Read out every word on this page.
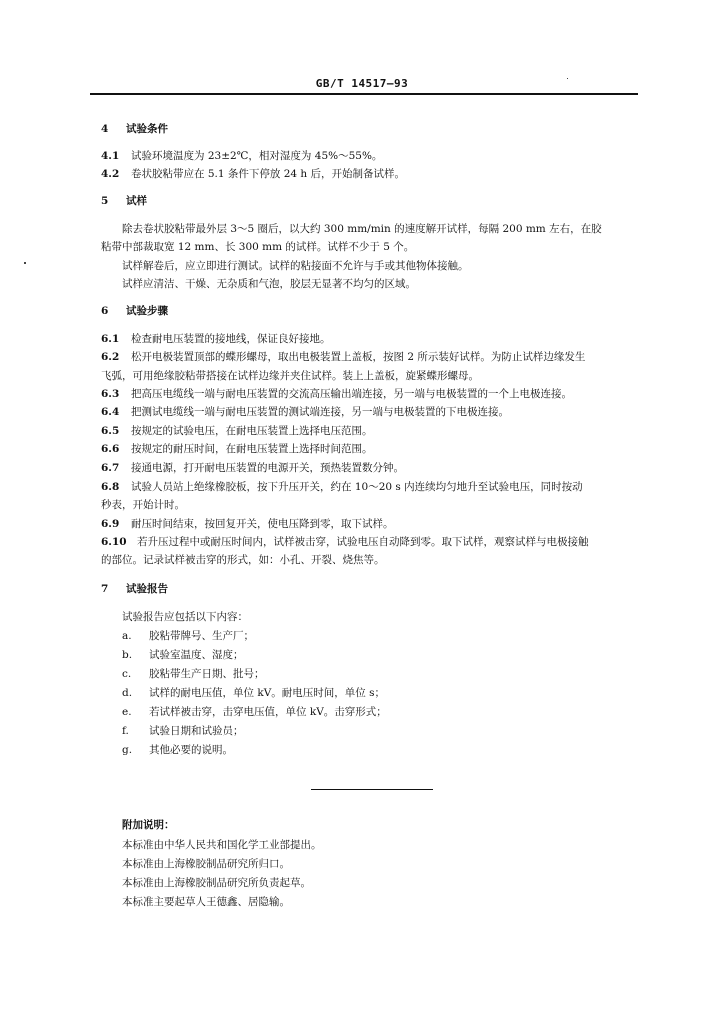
GB/T 14517—93
4 试验条件
4.1 试验环境温度为 23±2℃，相对湿度为 45%～55%。
4.2 卷状胶粘带应在 5.1 条件下停放 24 h 后，开始制备试样。
5 试样
除去卷状胶粘带最外层 3～5 圈后，以大约 300 mm/min 的速度解开试样，每隔 200 mm 左右，在胶
粘带中部裁取宽 12 mm、长 300 mm 的试样。试样不少于 5 个。
试样解卷后，应立即进行测试。试样的粘接面不允许与手或其他物体接触。
试样应清洁、干燥、无杂质和气泡，胶层无显著不均匀的区域。
6 试验步骤
6.1 检查耐电压装置的接地线，保证良好接地。
6.2 松开电极装置顶部的蝶形螺母，取出电极装置上盖板，按图 2 所示装好试样。为防止试样边缘发生
飞弧，可用绝缘胶粘带搭接在试样边缘并夹住试样。装上上盖板，旋紧蝶形螺母。
6.3 把高压电缆线一端与耐电压装置的交流高压输出端连接，另一端与电极装置的一个上电极连接。
6.4 把测试电缆线一端与耐电压装置的测试端连接，另一端与电极装置的下电极连接。
6.5 按规定的试验电压，在耐电压装置上选择电压范围。
6.6 按规定的耐压时间，在耐电压装置上选择时间范围。
6.7 接通电源，打开耐电压装置的电源开关，预热装置数分钟。
6.8 试验人员站上绝缘橡胶板，按下升压开关，约在 10～20 s 内连续均匀地升至试验电压，同时按动
秒表，开始计时。
6.9 耐压时间结束，按回复开关，使电压降到零，取下试样。
6.10 若升压过程中或耐压时间内，试样被击穿，试验电压自动降到零。取下试样，观察试样与电极接触
的部位。记录试样被击穿的形式，如：小孔、开裂、烧焦等。
7 试验报告
试验报告应包括以下内容：
a. 胶粘带牌号、生产厂；
b. 试验室温度、湿度；
c. 胶粘带生产日期、批号；
d. 试样的耐电压值，单位 kV。耐电压时间，单位 s；
e. 若试样被击穿，击穿电压值，单位 kV。击穿形式；
f. 试验日期和试验员；
g. 其他必要的说明。
附加说明：
本标准由中华人民共和国化学工业部提出。
本标准由上海橡胶制品研究所归口。
本标准由上海橡胶制品研究所负责起草。
本标准主要起草人王德鑫、居隐输。
